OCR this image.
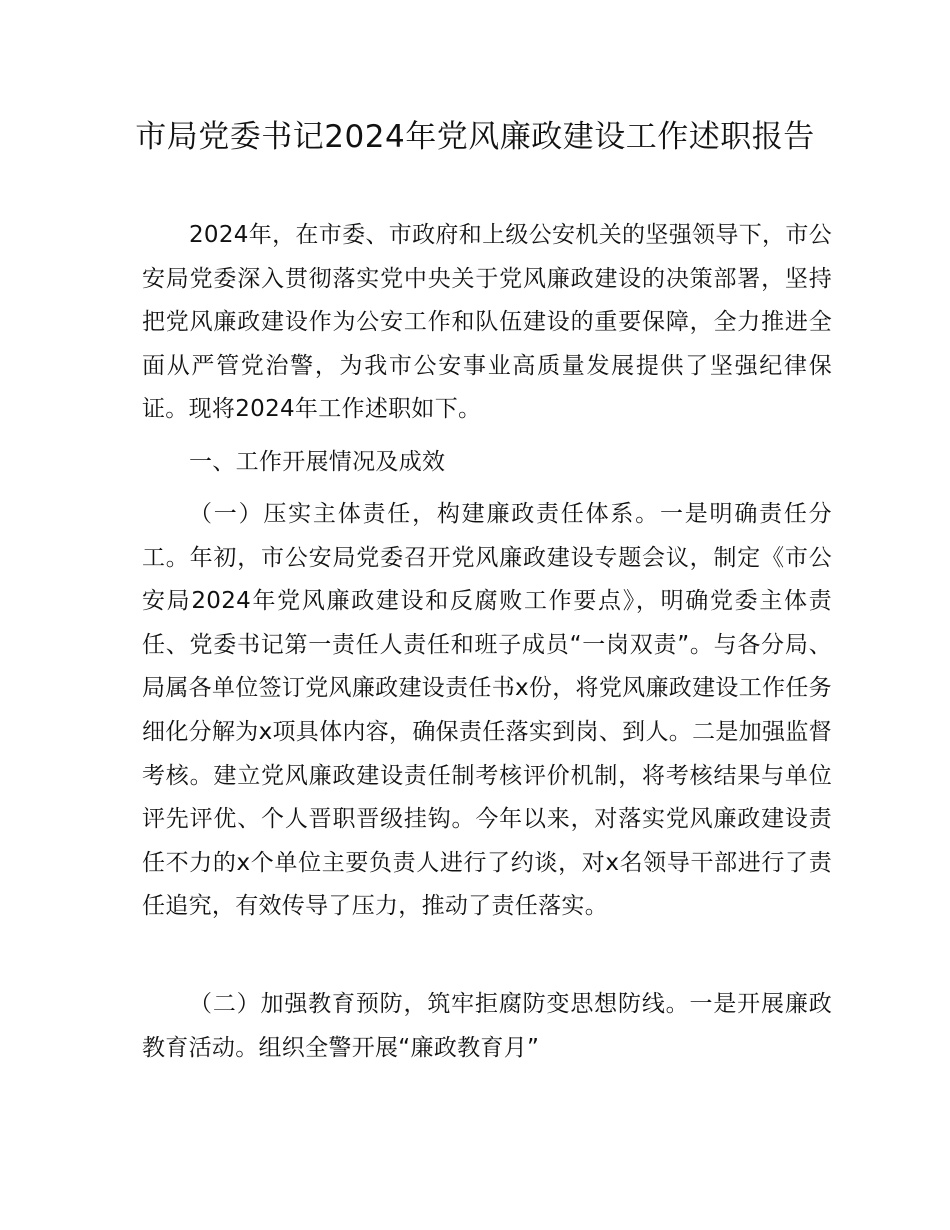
市局党委书记2024年党风廉政建设工作述职报告

2024年，在市委、市政府和上级公安机关的坚强领导下，市公安局党委深入贯彻落实党中央关于党风廉政建设的决策部署，坚持把党风廉政建设作为公安工作和队伍建设的重要保障，全力推进全面从严管党治警，为我市公安事业高质量发展提供了坚强纪律保证。现将2024年工作述职如下。

一、工作开展情况及成效

（一）压实主体责任，构建廉政责任体系。一是明确责任分工。年初，市公安局党委召开党风廉政建设专题会议，制定《市公安局2024年党风廉政建设和反腐败工作要点》，明确党委主体责任、党委书记第一责任人责任和班子成员“一岗双责”。与各分局、局属各单位签订党风廉政建设责任书x份，将党风廉政建设工作任务细化分解为x项具体内容，确保责任落实到岗、到人。二是加强监督考核。建立党风廉政建设责任制考核评价机制，将考核结果与单位评先评优、个人晋职晋级挂钩。今年以来，对落实党风廉政建设责任不力的x个单位主要负责人进行了约谈，对x名领导干部进行了责任追究，有效传导了压力，推动了责任落实。

（二）加强教育预防，筑牢拒腐防变思想防线。一是开展廉政教育活动。组织全警开展“廉政教育月”
